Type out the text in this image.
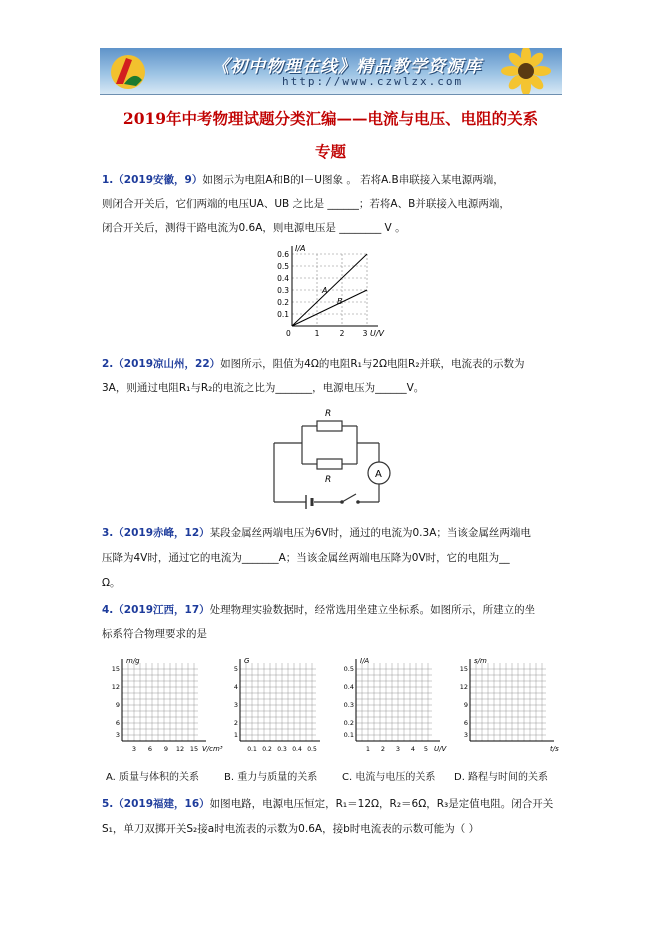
《初中物理在线》精品教学资源库
http://www.czwlzx.com
2019年中考物理试题分类汇编——电流与电压、电阻的关系
专题
1.（2019安徽，9）如图示为电阻A和B的I－U图象 。 若将A.B串联接入某电源两端，
则闭合开关后，它们两端的电压UA、UB 之比是 ______；若将A、B并联接入电源两端，
闭合开关后，测得干路电流为0.6A，则电源电压是 ________ V 。
I/A
U/V
0
0.6
0.5
0.4
0.3
0.2
0.1
1	2 3
A
B
2.（2019凉山州，22）如图所示，阻值为4Ω的电阻R₁与2Ω电阻R₂并联，电流表的示数为
3A，则通过电阻R₁与R₂的电流之比为_______，电源电压为______V。
A
R
R
3.（2019赤峰，12）某段金属丝两端电压为6V时，通过的电流为0.3A；当该金属丝两端电
压降为4V时，通过它的电流为_______A；当该金属丝两端电压降为0V时，它的电阻为__
Ω。
4.（2019江西，17）处理物理实验数据时，经常选用坐建立坐标系。如图所示，所建立的坐
标系符合物理要求的是
m/g
V/cm³
15
12
9
6
3
3 6 9 12 15
G
5
4
3
2
1
0.1 0.2 0.3 0.4 0.5
I/A
U/V
0.5
0.4
0.3
0.2
0.1
1 2 3 4 5
s/m
t/s
15
12
9
6
3
A. 质量与体积的关系 B. 重力与质量的关系 C. 电流与电压的关系 D. 路程与时间的关系
5.（2019福建，16）如图电路，电源电压恒定，R₁＝12Ω，R₂＝6Ω，R₃是定值电阻。闭合开关
S₁，单刀双掷开关S₂接a时电流表的示数为0.6A，接b时电流表的示数可能为（ ）
